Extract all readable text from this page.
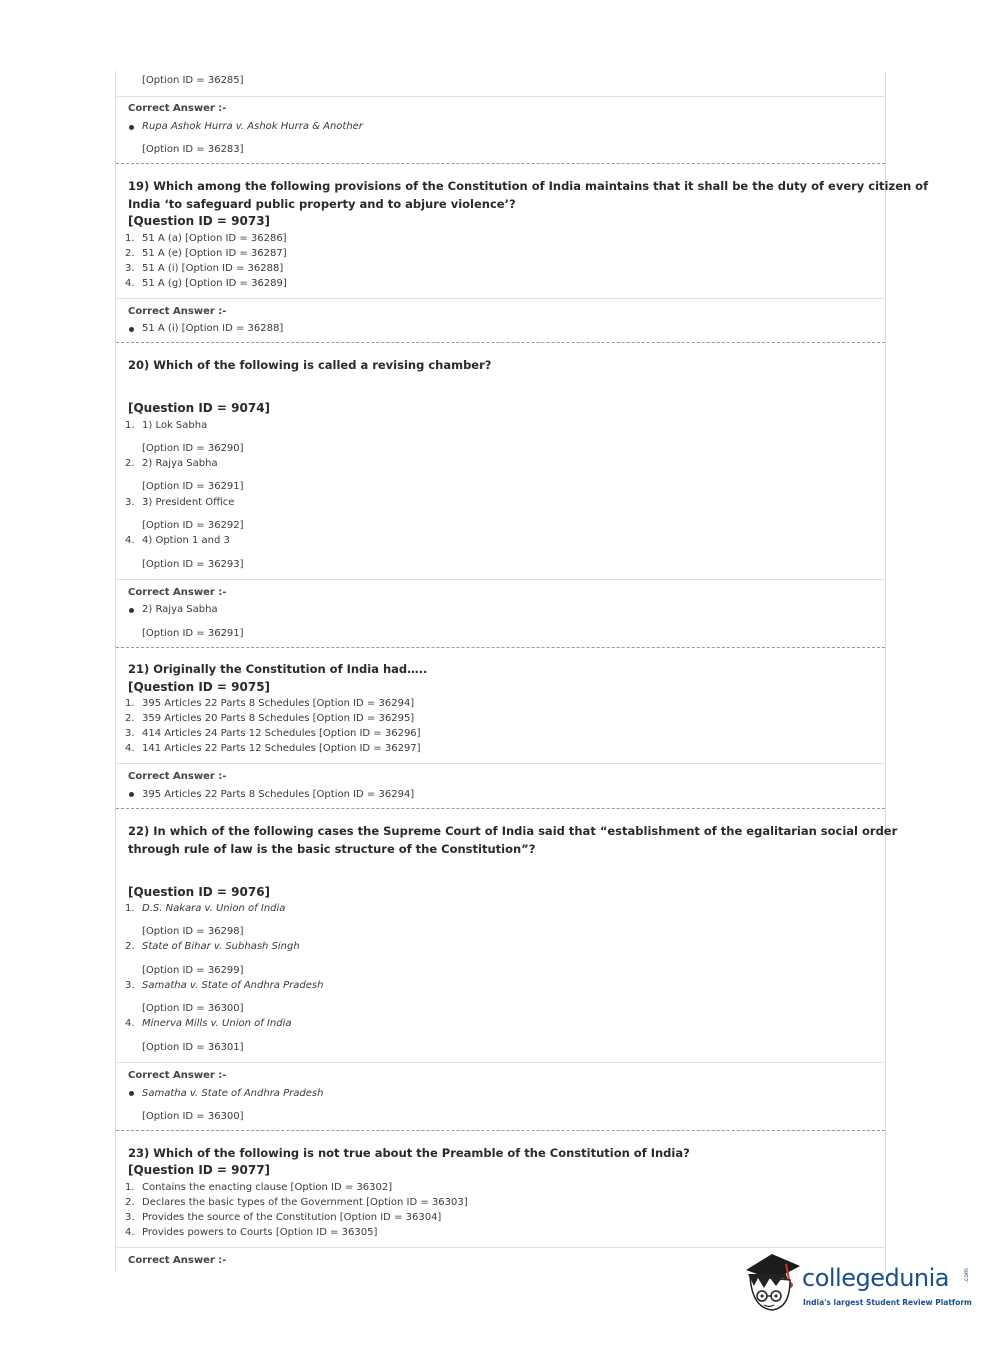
1.
2.
3.
4.
1.
2.
3.
4.
1.
2.
3.
4.
1.
2.
3.
4.
1.
2.
3.
4.
[Option ID = 36285]
Correct Answer :-
Rupa Ashok Hurra v. Ashok Hurra & Another
[Option ID = 36283]
19) Which among the following provisions of the Constitution of India maintains that it shall be the duty of every citizen of
India ‘to safeguard public property and to abjure violence’?
[Question ID = 9073]
51 A (a) [Option ID = 36286]
51 A (e) [Option ID = 36287]
51 A (i) [Option ID = 36288]
51 A (g) [Option ID = 36289]
Correct Answer :-
51 A (i) [Option ID = 36288]
20) Which of the following is called a revising chamber?
[Question ID = 9074]
1) Lok Sabha
[Option ID = 36290]
2) Rajya Sabha
[Option ID = 36291]
3) President Office
[Option ID = 36292]
4) Option 1 and 3
[Option ID = 36293]
Correct Answer :-
2) Rajya Sabha
[Option ID = 36291]
21) Originally the Constitution of India had…..
[Question ID = 9075]
395 Articles 22 Parts 8 Schedules [Option ID = 36294]
359 Articles 20 Parts 8 Schedules [Option ID = 36295]
414 Articles 24 Parts 12 Schedules [Option ID = 36296]
141 Articles 22 Parts 12 Schedules [Option ID = 36297]
Correct Answer :-
395 Articles 22 Parts 8 Schedules [Option ID = 36294]
22) In which of the following cases the Supreme Court of India said that “establishment of the egalitarian social order
through rule of law is the basic structure of the Constitution”?
[Question ID = 9076]
D.S. Nakara v. Union of India
[Option ID = 36298]
State of Bihar v. Subhash Singh
[Option ID = 36299]
Samatha v. State of Andhra Pradesh
[Option ID = 36300]
Minerva Mills v. Union of India
[Option ID = 36301]
Correct Answer :-
Samatha v. State of Andhra Pradesh
[Option ID = 36300]
23) Which of the following is not true about the Preamble of the Constitution of India?
[Question ID = 9077]
Contains the enacting clause [Option ID = 36302]
Declares the basic types of the Government [Option ID = 36303]
Provides the source of the Constitution [Option ID = 36304]
Provides powers to Courts [Option ID = 36305]
Correct Answer :-
collegedunia .com
India's largest Student Review Platform
